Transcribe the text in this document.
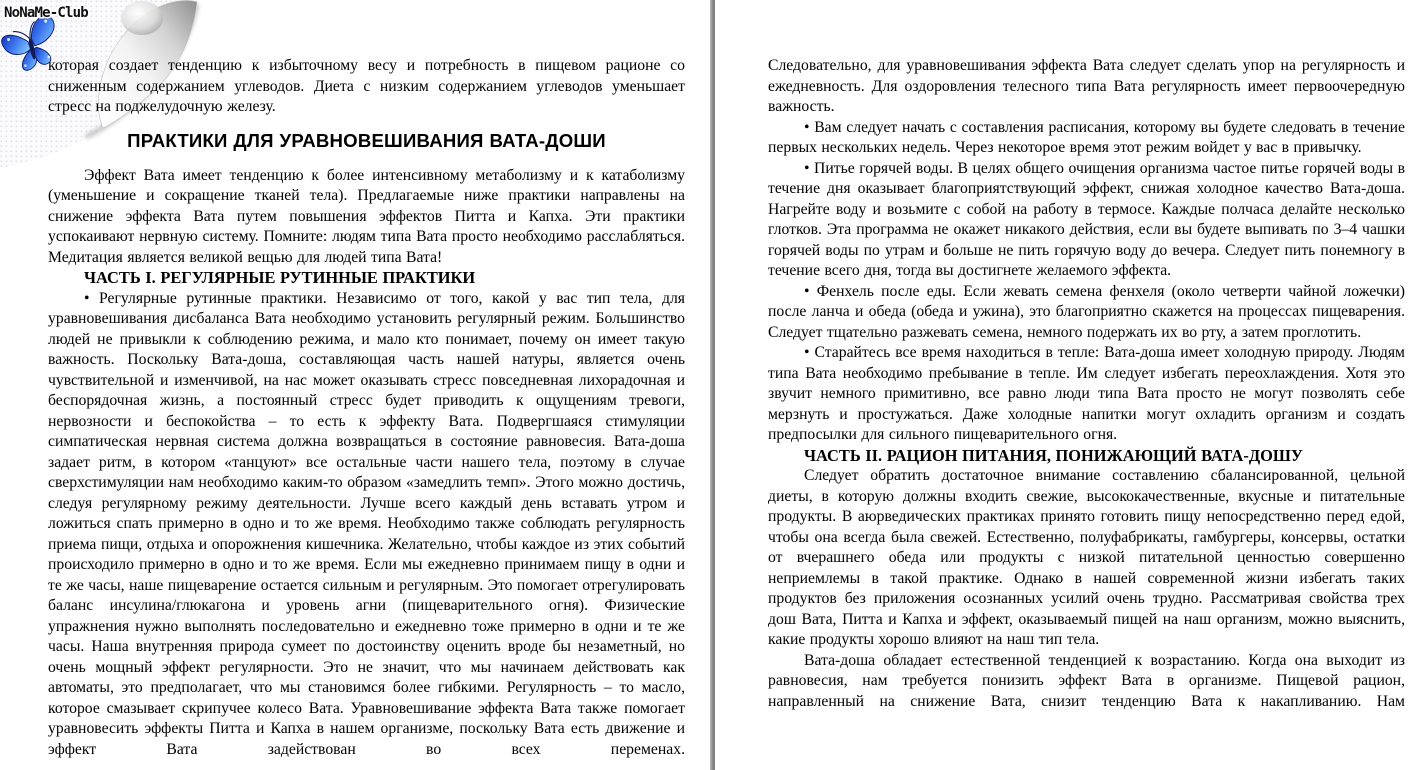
NoNaMe-Club

которая создает тенденцию к избыточному весу и потребность в пищевом рационе со сниженным содержанием углеводов. Диета с низким содержанием углеводов уменьшает стресс на поджелудочную железу.

ПРАКТИКИ ДЛЯ УРАВНОВЕШИВАНИЯ ВАТА-ДОШИ

Эффект Вата имеет тенденцию к более интенсивному метаболизму и к катаболизму (уменьшение и сокращение тканей тела). Предлагаемые ниже практики направлены на снижение эффекта Вата путем повышения эффектов Питта и Капха. Эти практики успокаивают нервную систему. Помните: людям типа Вата просто необходимо расслабляться. Медитация является великой вещью для людей типа Вата!

ЧАСТЬ I. РЕГУЛЯРНЫЕ РУТИННЫЕ ПРАКТИКИ

• Регулярные рутинные практики. Независимо от того, какой у вас тип тела, для уравновешивания дисбаланса Вата необходимо установить регулярный режим. Большинство людей не привыкли к соблюдению режима, и мало кто понимает, почему он имеет такую важность. Поскольку Вата-доша, составляющая часть нашей натуры, является очень чувствительной и изменчивой, на нас может оказывать стресс повседневная лихорадочная и беспорядочная жизнь, а постоянный стресс будет приводить к ощущениям тревоги, нервозности и беспокойства – то есть к эффекту Вата. Подвергшаяся стимуляции симпатическая нервная система должна возвращаться в состояние равновесия. Вата-доша задает ритм, в котором «танцуют» все остальные части нашего тела, поэтому в случае сверхстимуляции нам необходимо каким-то образом «замедлить темп». Этого можно достичь, следуя регулярному режиму деятельности. Лучше всего каждый день вставать утром и ложиться спать примерно в одно и то же время. Необходимо также соблюдать регулярность приема пищи, отдыха и опорожнения кишечника. Желательно, чтобы каждое из этих событий происходило примерно в одно и то же время. Если мы ежедневно принимаем пищу в одни и те же часы, наше пищеварение остается сильным и регулярным. Это помогает отрегулировать баланс инсулина/глюкагона и уровень агни (пищеварительного огня). Физические упражнения нужно выполнять последовательно и ежедневно тоже примерно в одни и те же часы. Наша внутренняя природа сумеет по достоинству оценить вроде бы незаметный, но очень мощный эффект регулярности. Это не значит, что мы начинаем действовать как автоматы, это предполагает, что мы становимся более гибкими. Регулярность – то масло, которое смазывает скрипучее колесо Вата. Уравновешивание эффекта Вата также помогает уравновесить эффекты Питта и Капха в нашем организме, поскольку Вата есть движение и эффект Вата задействован во всех переменах.

Следовательно, для уравновешивания эффекта Вата следует сделать упор на регулярность и ежедневность. Для оздоровления телесного типа Вата регулярность имеет первоочередную важность.

• Вам следует начать с составления расписания, которому вы будете следовать в течение первых нескольких недель. Через некоторое время этот режим войдет у вас в привычку.

• Питье горячей воды. В целях общего очищения организма частое питье горячей воды в течение дня оказывает благоприятствующий эффект, снижая холодное качество Вата-доша. Нагрейте воду и возьмите с собой на работу в термосе. Каждые полчаса делайте несколько глотков. Эта программа не окажет никакого действия, если вы будете выпивать по 3–4 чашки горячей воды по утрам и больше не пить горячую воду до вечера. Следует пить понемногу в течение всего дня, тогда вы достигнете желаемого эффекта.

• Фенхель после еды. Если жевать семена фенхеля (около четверти чайной ложечки) после ланча и обеда (обеда и ужина), это благоприятно скажется на процессах пищеварения. Следует тщательно разжевать семена, немного подержать их во рту, а затем проглотить.

• Старайтесь все время находиться в тепле: Вата-доша имеет холодную природу. Людям типа Вата необходимо пребывание в тепле. Им следует избегать переохлаждения. Хотя это звучит немного примитивно, все равно люди типа Вата просто не могут позволять себе мерзнуть и простужаться. Даже холодные напитки могут охладить организм и создать предпосылки для сильного пищеварительного огня.

ЧАСТЬ II. РАЦИОН ПИТАНИЯ, ПОНИЖАЮЩИЙ ВАТА-ДОШУ

Следует обратить достаточное внимание составлению сбалансированной, цельной диеты, в которую должны входить свежие, высококачественные, вкусные и питательные продукты. В аюрведических практиках принято готовить пищу непосредственно перед едой, чтобы она всегда была свежей. Естественно, полуфабрикаты, гамбургеры, консервы, остатки от вчерашнего обеда или продукты с низкой питательной ценностью совершенно неприемлемы в такой практике. Однако в нашей современной жизни избегать таких продуктов без приложения осознанных усилий очень трудно. Рассматривая свойства трех дош Вата, Питта и Капха и эффект, оказываемый пищей на наш организм, можно выяснить, какие продукты хорошо влияют на наш тип тела.

Вата-доша обладает естественной тенденцией к возрастанию. Когда она выходит из равновесия, нам требуется понизить эффект Вата в организме. Пищевой рацион, направленный на снижение Вата, снизит тенденцию Вата к накапливанию. Нам
